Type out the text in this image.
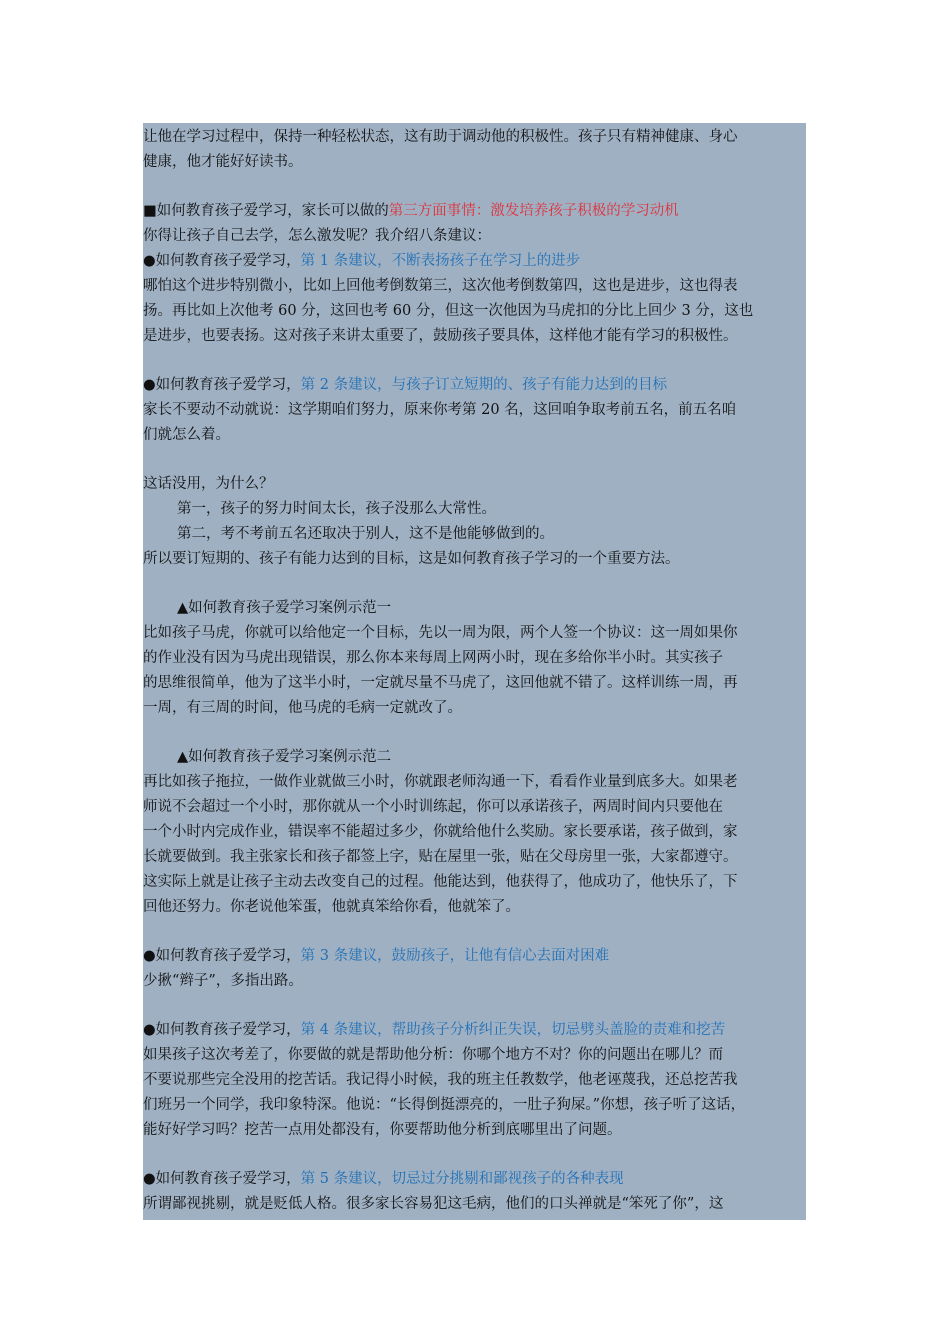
让他在学习过程中，保持一种轻松状态，这有助于调动他的积极性。孩子只有精神健康、身心
健康，他才能好好读书。
■如何教育孩子爱学习，家长可以做的第三方面事情：激发培养孩子积极的学习动机
你得让孩子自己去学，怎么激发呢？我介绍八条建议：
●如何教育孩子爱学习，第 1 条建议，不断表扬孩子在学习上的进步
哪怕这个进步特别微小，比如上回他考倒数第三，这次他考倒数第四，这也是进步，这也得表
扬。再比如上次他考 60 分，这回也考 60 分，但这一次他因为马虎扣的分比上回少 3 分，这也
是进步，也要表扬。这对孩子来讲太重要了，鼓励孩子要具体，这样他才能有学习的积极性。
●如何教育孩子爱学习，第 2 条建议，与孩子订立短期的、孩子有能力达到的目标
家长不要动不动就说：这学期咱们努力，原来你考第 20 名，这回咱争取考前五名，前五名咱
们就怎么着。
这话没用，为什么？
第一，孩子的努力时间太长，孩子没那么大常性。
第二，考不考前五名还取决于别人，这不是他能够做到的。
所以要订短期的、孩子有能力达到的目标，这是如何教育孩子学习的一个重要方法。
▲如何教育孩子爱学习案例示范一
比如孩子马虎，你就可以给他定一个目标，先以一周为限，两个人签一个协议：这一周如果你
的作业没有因为马虎出现错误，那么你本来每周上网两小时，现在多给你半小时。其实孩子
的思维很简单，他为了这半小时，一定就尽量不马虎了，这回他就不错了。这样训练一周，再
一周，有三周的时间，他马虎的毛病一定就改了。
▲如何教育孩子爱学习案例示范二
再比如孩子拖拉，一做作业就做三小时，你就跟老师沟通一下，看看作业量到底多大。如果老
师说不会超过一个小时，那你就从一个小时训练起，你可以承诺孩子，两周时间内只要他在
一个小时内完成作业，错误率不能超过多少，你就给他什么奖励。家长要承诺，孩子做到，家
长就要做到。我主张家长和孩子都签上字，贴在屋里一张，贴在父母房里一张，大家都遵守。
这实际上就是让孩子主动去改变自己的过程。他能达到，他获得了，他成功了，他快乐了，下
回他还努力。你老说他笨蛋，他就真笨给你看，他就笨了。
●如何教育孩子爱学习，第 3 条建议，鼓励孩子，让他有信心去面对困难
少揪“辫子”，多指出路。
●如何教育孩子爱学习，第 4 条建议，帮助孩子分析纠正失误，切忌劈头盖脸的责难和挖苦
如果孩子这次考差了，你要做的就是帮助他分析：你哪个地方不对？你的问题出在哪儿？而
不要说那些完全没用的挖苦话。我记得小时候，我的班主任教数学，他老诬蔑我，还总挖苦我
们班另一个同学，我印象特深。他说：“长得倒挺漂亮的，一肚子狗屎。”你想，孩子听了这话，
能好好学习吗？挖苦一点用处都没有，你要帮助他分析到底哪里出了问题。
●如何教育孩子爱学习，第 5 条建议，切忌过分挑剔和鄙视孩子的各种表现
所谓鄙视挑剔，就是贬低人格。很多家长容易犯这毛病，他们的口头禅就是“笨死了你”，这
